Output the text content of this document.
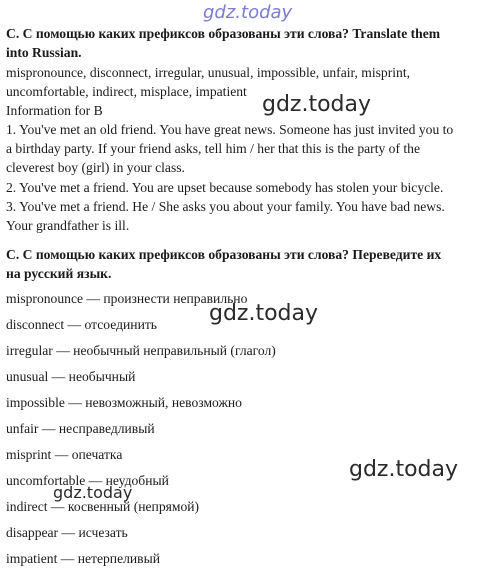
gdz.today
C. С помощью каких префиксов образованы эти слова? Translate them
into Russian.
mispronounce, disconnect, irregular, unusual, impossible, unfair, misprint,
uncomfortable, indirect, misplace, impatient
Information for B
1. You've met an old friend. You have great news. Someone has just invited you to
a birthday party. If your friend asks, tell him / her that this is the party of the
cleverest boy (girl) in your class.
2. You've met a friend. You are upset because somebody has stolen your bicycle.
3. You've met a friend. He / She asks you about your family. You have bad news.
Your grandfather is ill.
gdz.today
C. С помощью каких префиксов образованы эти слова? Переведите их
на русский язык.
mispronounce — произнести неправильно
disconnect — отсоединить
irregular — необычный неправильный (глагол)
unusual — необычный
impossible — невозможный, невозможно
unfair — несправедливый
misprint — опечатка
uncomfortable — неудобный
indirect — косвенный (непрямой)
disappear — исчезать
impatient — нетерпеливый
gdz.today
gdz.today
gdz.today
